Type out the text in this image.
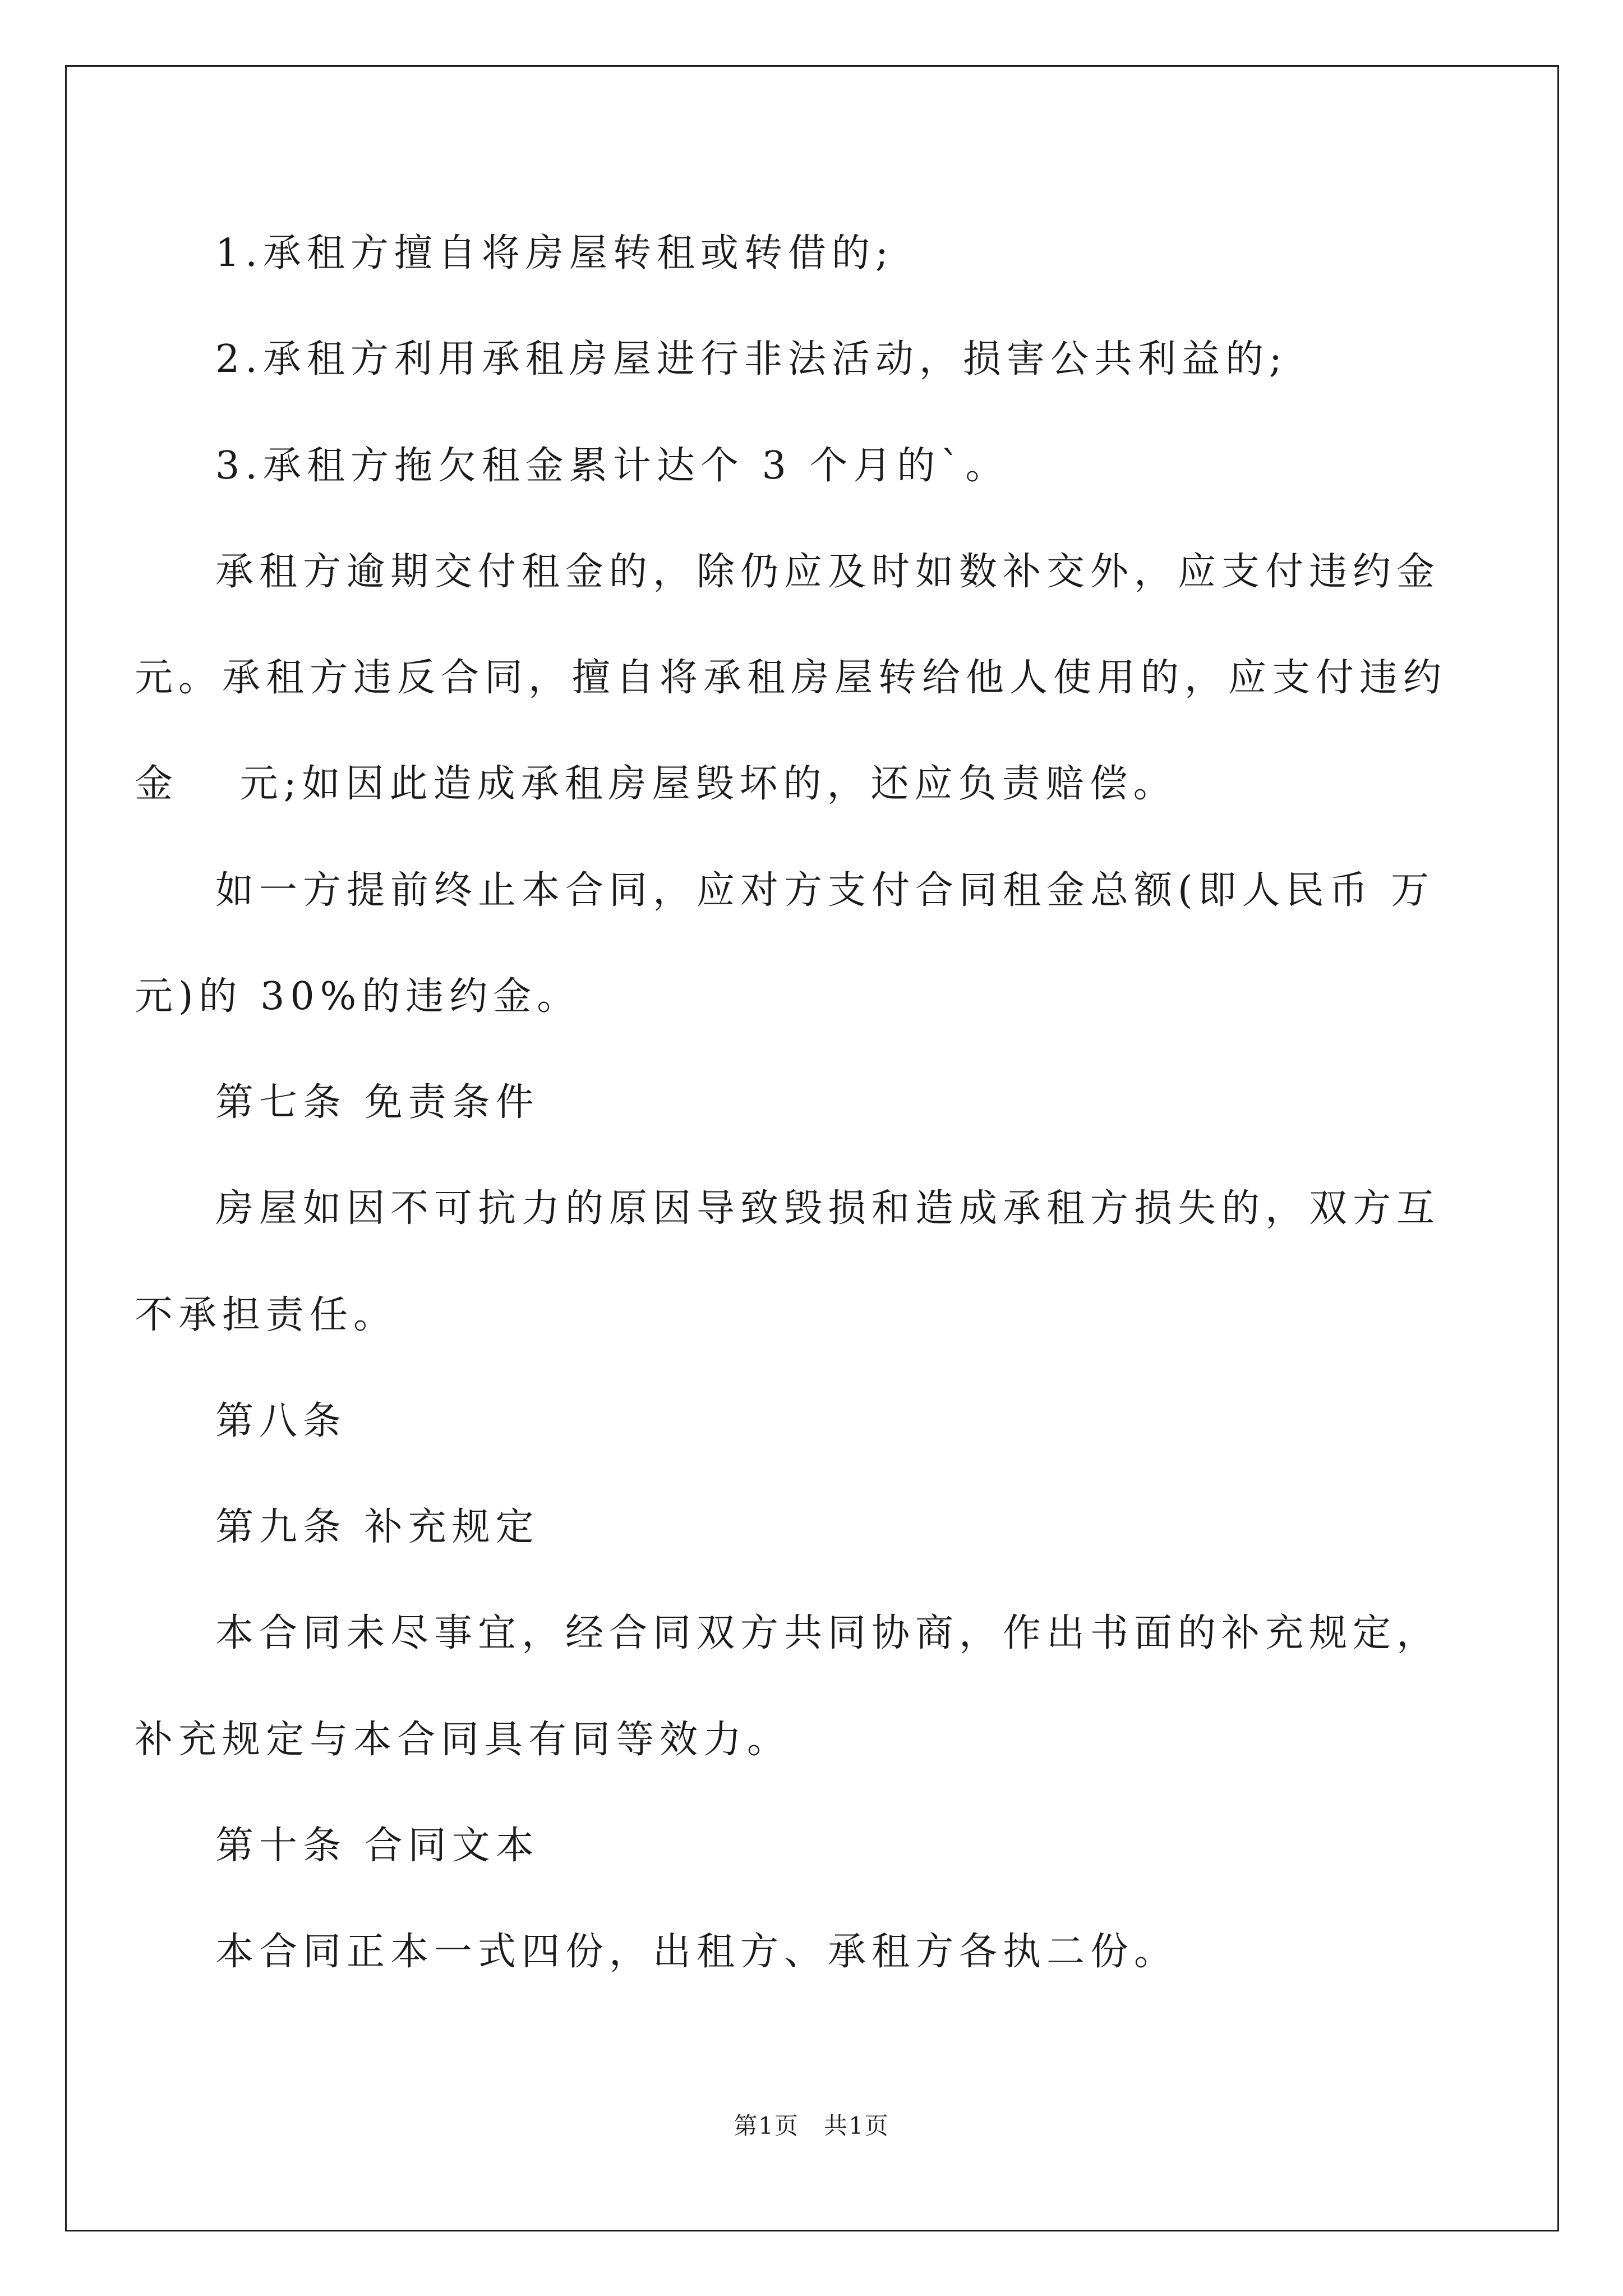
1.承租方擅自将房屋转租或转借的;
2.承租方利用承租房屋进行非法活动，损害公共利益的;
3.承租方拖欠租金累计达个 3 个月的`。
承租方逾期交付租金的，除仍应及时如数补交外，应支付违约金
元。承租方违反合同，擅自将承租房屋转给他人使用的，应支付违约
金　 元;如因此造成承租房屋毁坏的，还应负责赔偿。
如一方提前终止本合同，应对方支付合同租金总额(即人民币 万
元)的 30%的违约金。
第七条 免责条件
房屋如因不可抗力的原因导致毁损和造成承租方损失的，双方互
不承担责任。
第八条
第九条 补充规定
本合同未尽事宜，经合同双方共同协商，作出书面的补充规定，
补充规定与本合同具有同等效力。
第十条 合同文本
本合同正本一式四份，出租方、承租方各执二份。
第1页　共1页
